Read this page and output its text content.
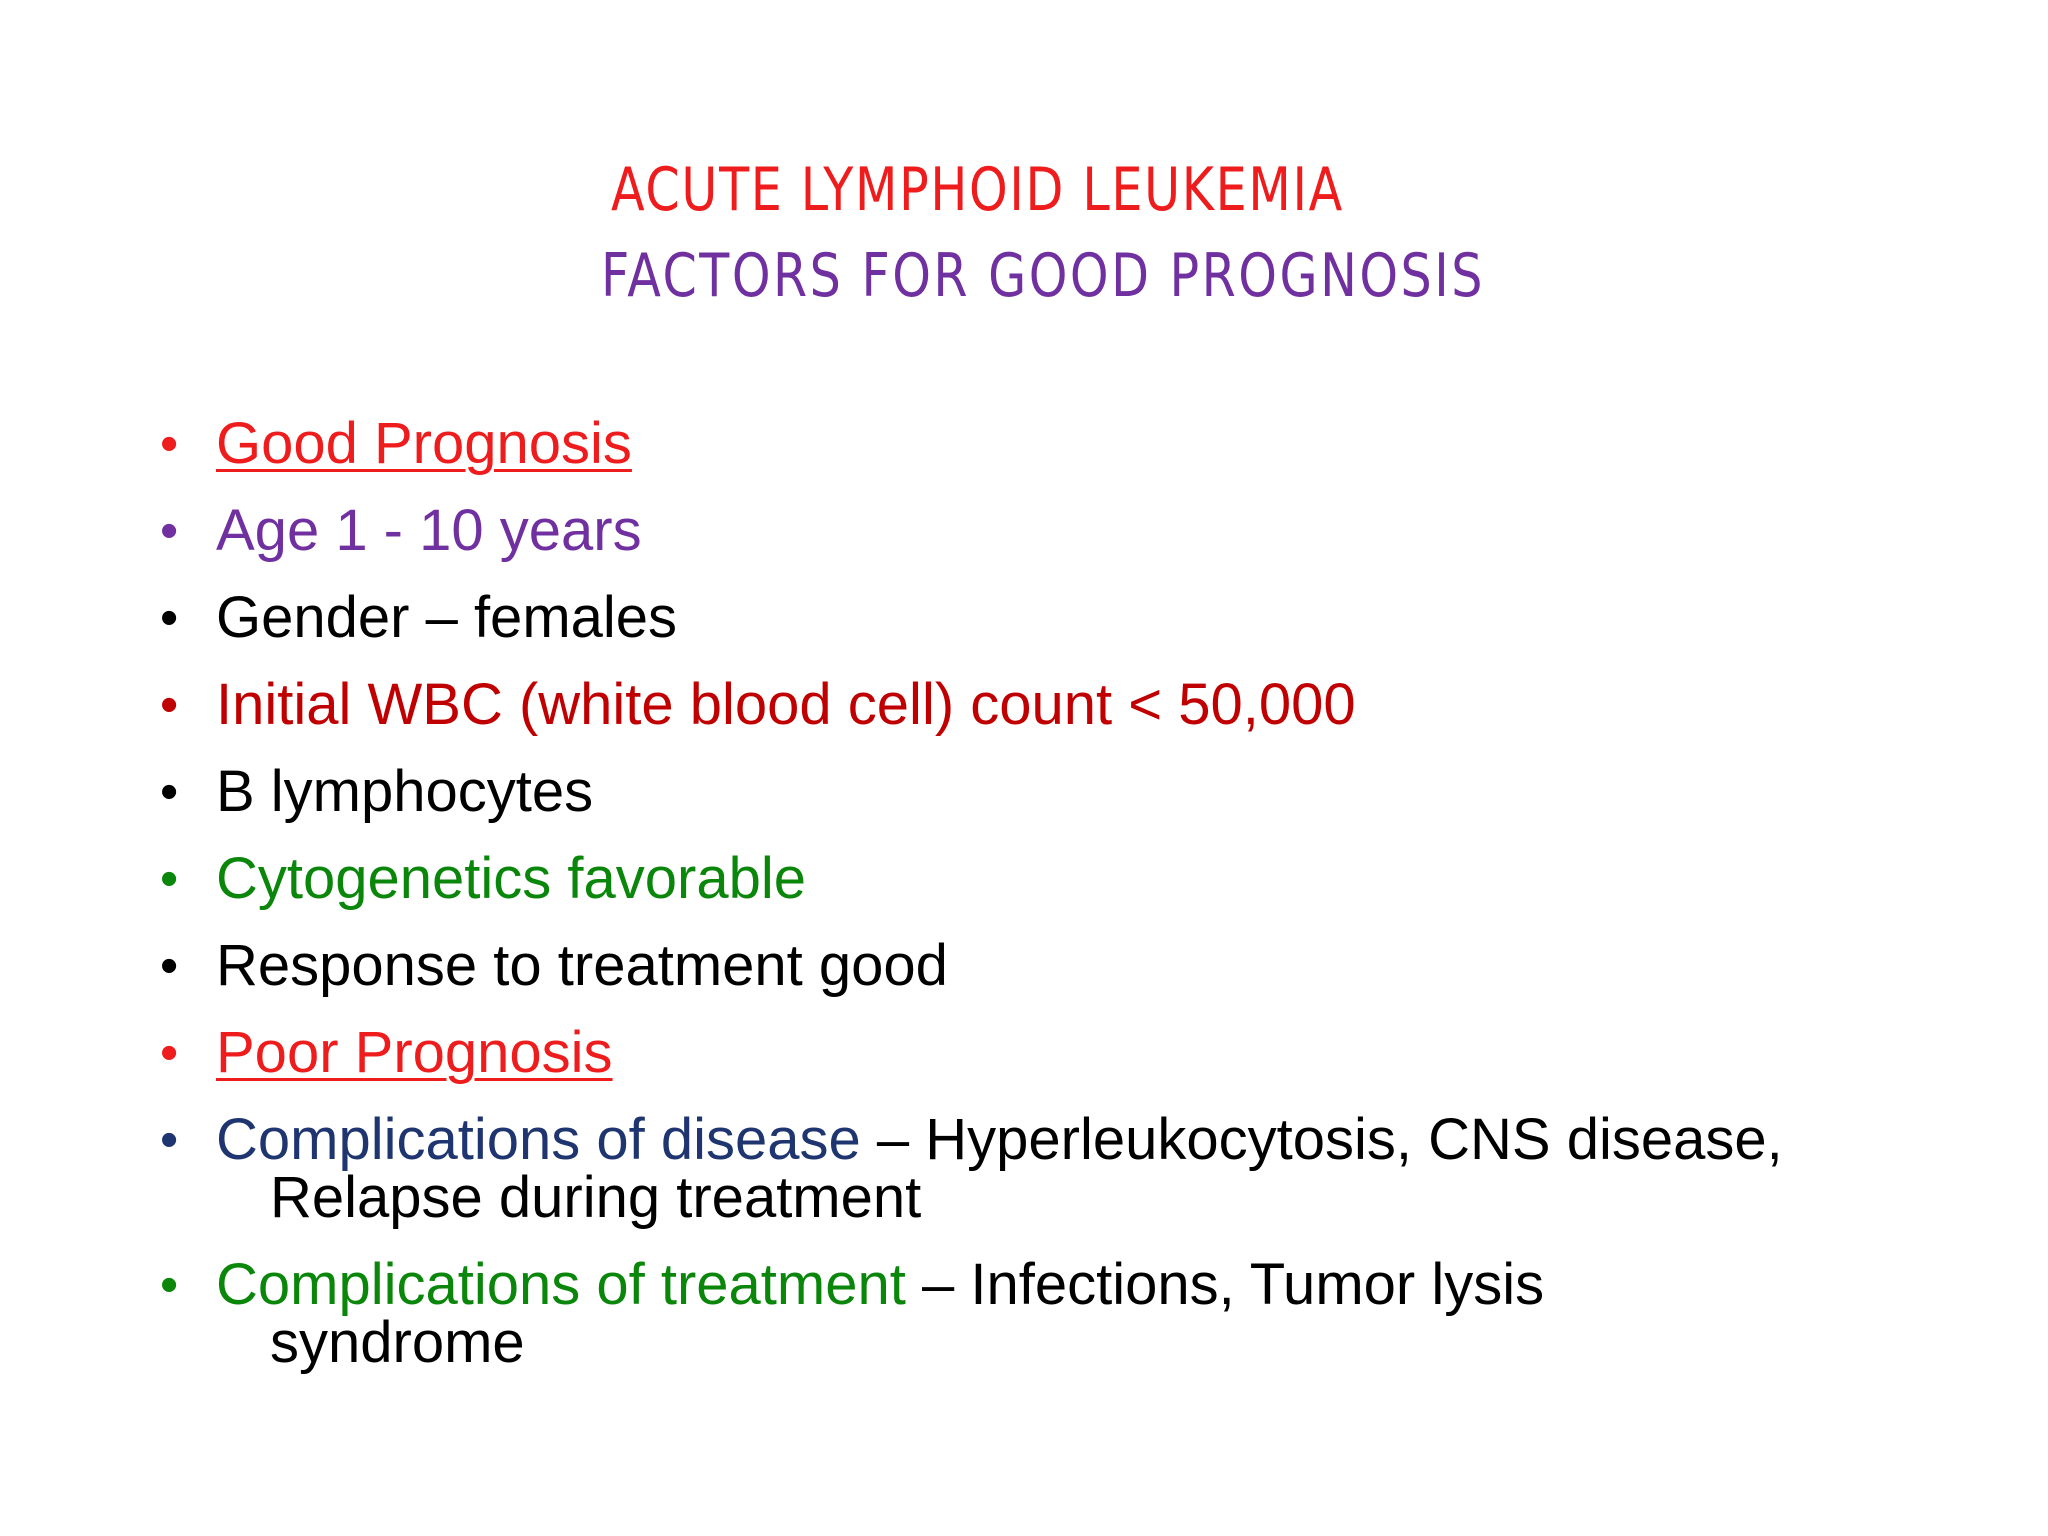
ACUTE LYMPHOID LEUKEMIA
FACTORS FOR GOOD PROGNOSIS
• Good Prognosis
• Age 1 - 10 years
• Gender – females
• Initial WBC (white blood cell) count < 50,000
• B lymphocytes
• Cytogenetics favorable
• Response to treatment good
• Poor Prognosis
• Complications of disease – Hyperleukocytosis, CNS disease,
Relapse during treatment
• Complications of treatment – Infections, Tumor lysis
syndrome
